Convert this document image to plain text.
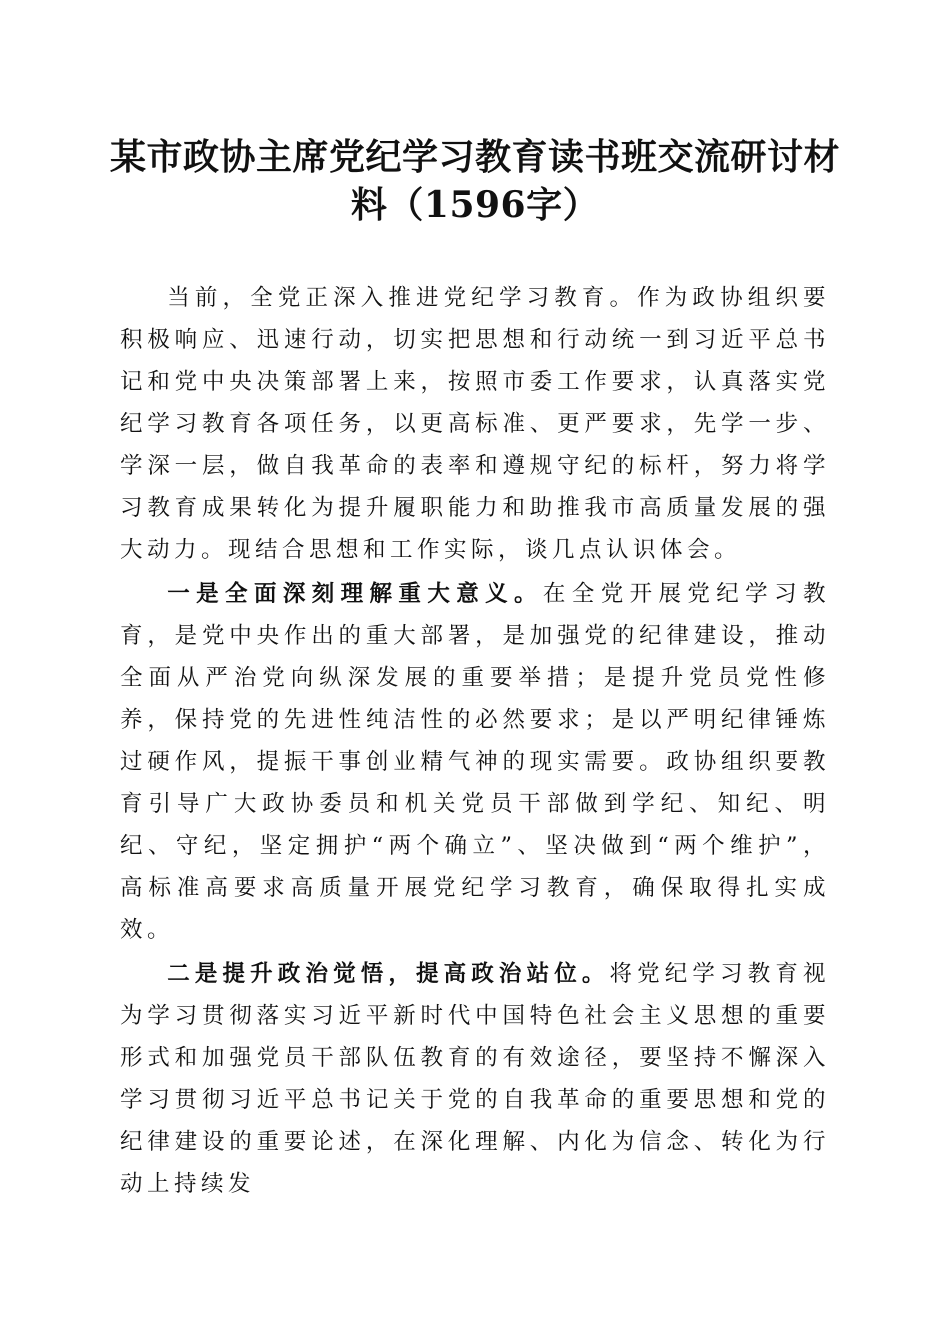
某市政协主席党纪学习教育读书班交流研讨材料（1596字）

当前，全党正深入推进党纪学习教育。作为政协组织要积极响应、迅速行动，切实把思想和行动统一到习近平总书记和党中央决策部署上来，按照市委工作要求，认真落实党纪学习教育各项任务，以更高标准、更严要求，先学一步、学深一层，做自我革命的表率和遵规守纪的标杆，努力将学习教育成果转化为提升履职能力和助推我市高质量发展的强大动力。现结合思想和工作实际，谈几点认识体会。

一是全面深刻理解重大意义。在全党开展党纪学习教育，是党中央作出的重大部署，是加强党的纪律建设，推动全面从严治党向纵深发展的重要举措；是提升党员党性修养，保持党的先进性纯洁性的必然要求；是以严明纪律锤炼过硬作风，提振干事创业精气神的现实需要。政协组织要教育引导广大政协委员和机关党员干部做到学纪、知纪、明纪、守纪，坚定拥护“两个确立”、坚决做到“两个维护”，高标准高要求高质量开展党纪学习教育，确保取得扎实成效。

二是提升政治觉悟，提高政治站位。将党纪学习教育视为学习贯彻落实习近平新时代中国特色社会主义思想的重要形式和加强党员干部队伍教育的有效途径，要坚持不懈深入学习贯彻习近平总书记关于党的自我革命的重要思想和党的纪律建设的重要论述，在深化理解、内化为信念、转化为行动上持续发
